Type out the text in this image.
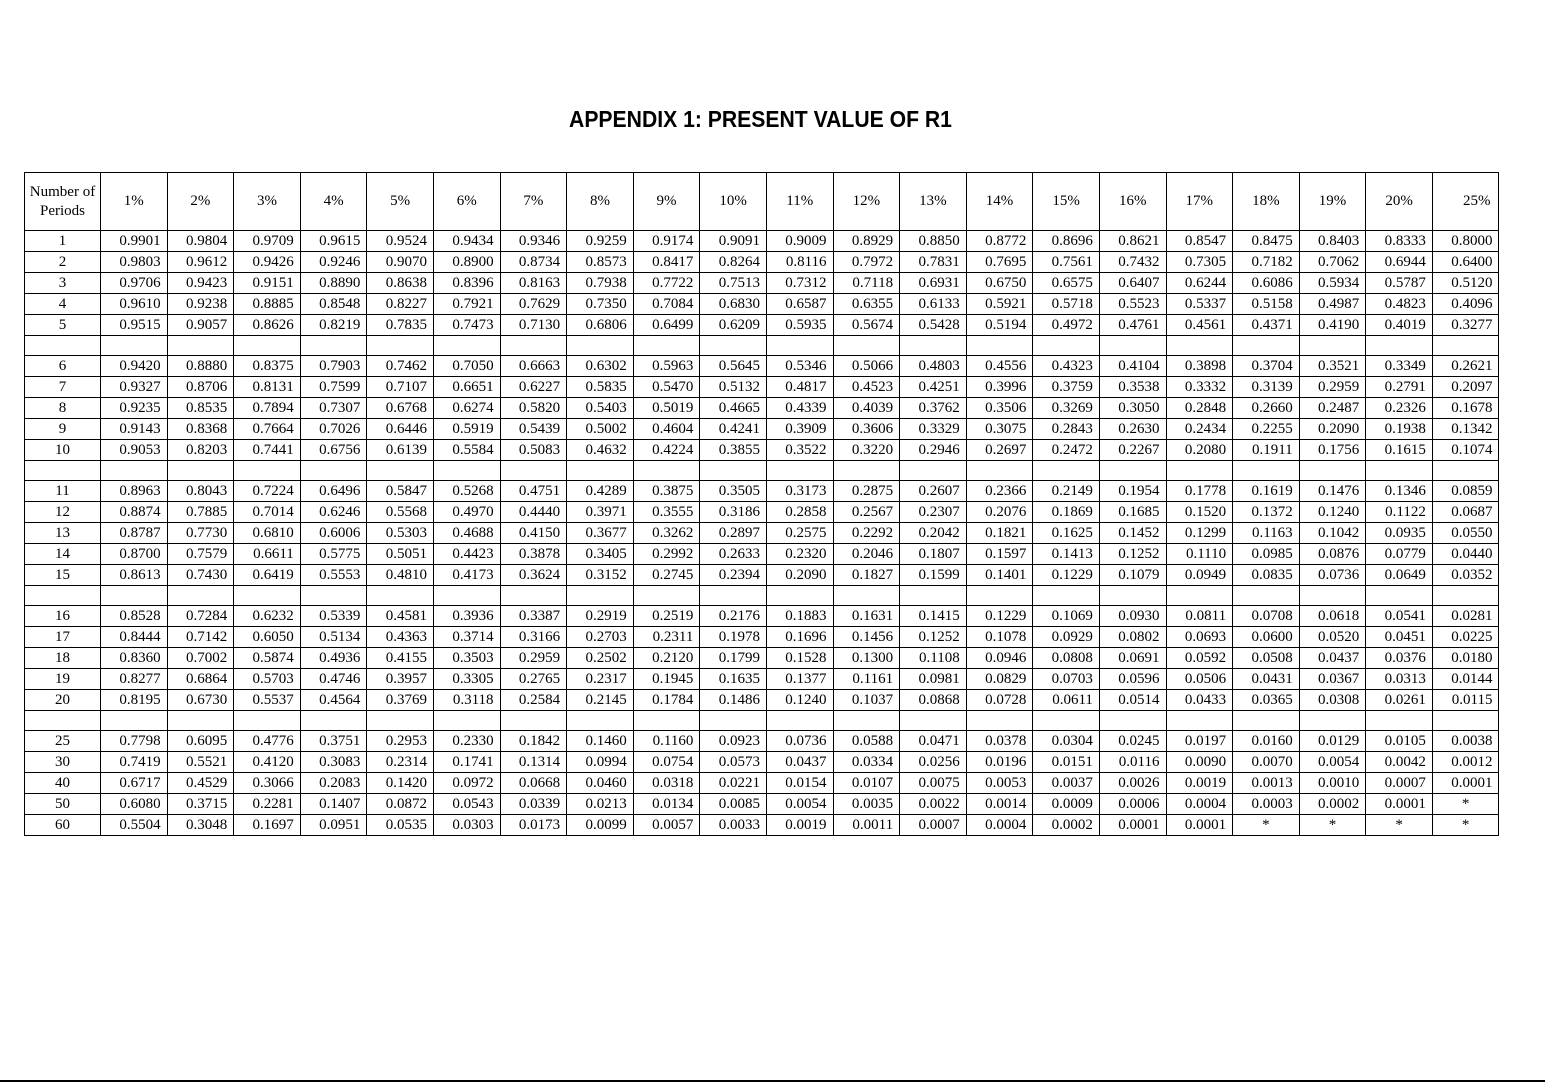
APPENDIX 1: PRESENT VALUE OF R1
Number of Periods	1%	2%	3%	4%	5%	6%	7%	8%	9%	10%	11%	12%	13%	14%	15%	16%	17%	18%	19%	20%	25%
1	0.9901	0.9804	0.9709	0.9615	0.9524	0.9434	0.9346	0.9259	0.9174	0.9091	0.9009	0.8929	0.8850	0.8772	0.8696	0.8621	0.8547	0.8475	0.8403	0.8333	0.8000
2	0.9803	0.9612	0.9426	0.9246	0.9070	0.8900	0.8734	0.8573	0.8417	0.8264	0.8116	0.7972	0.7831	0.7695	0.7561	0.7432	0.7305	0.7182	0.7062	0.6944	0.6400
3	0.9706	0.9423	0.9151	0.8890	0.8638	0.8396	0.8163	0.7938	0.7722	0.7513	0.7312	0.7118	0.6931	0.6750	0.6575	0.6407	0.6244	0.6086	0.5934	0.5787	0.5120
4	0.9610	0.9238	0.8885	0.8548	0.8227	0.7921	0.7629	0.7350	0.7084	0.6830	0.6587	0.6355	0.6133	0.5921	0.5718	0.5523	0.5337	0.5158	0.4987	0.4823	0.4096
5	0.9515	0.9057	0.8626	0.8219	0.7835	0.7473	0.7130	0.6806	0.6499	0.6209	0.5935	0.5674	0.5428	0.5194	0.4972	0.4761	0.4561	0.4371	0.4190	0.4019	0.3277

6	0.9420	0.8880	0.8375	0.7903	0.7462	0.7050	0.6663	0.6302	0.5963	0.5645	0.5346	0.5066	0.4803	0.4556	0.4323	0.4104	0.3898	0.3704	0.3521	0.3349	0.2621
7	0.9327	0.8706	0.8131	0.7599	0.7107	0.6651	0.6227	0.5835	0.5470	0.5132	0.4817	0.4523	0.4251	0.3996	0.3759	0.3538	0.3332	0.3139	0.2959	0.2791	0.2097
8	0.9235	0.8535	0.7894	0.7307	0.6768	0.6274	0.5820	0.5403	0.5019	0.4665	0.4339	0.4039	0.3762	0.3506	0.3269	0.3050	0.2848	0.2660	0.2487	0.2326	0.1678
9	0.9143	0.8368	0.7664	0.7026	0.6446	0.5919	0.5439	0.5002	0.4604	0.4241	0.3909	0.3606	0.3329	0.3075	0.2843	0.2630	0.2434	0.2255	0.2090	0.1938	0.1342
10	0.9053	0.8203	0.7441	0.6756	0.6139	0.5584	0.5083	0.4632	0.4224	0.3855	0.3522	0.3220	0.2946	0.2697	0.2472	0.2267	0.2080	0.1911	0.1756	0.1615	0.1074

11	0.8963	0.8043	0.7224	0.6496	0.5847	0.5268	0.4751	0.4289	0.3875	0.3505	0.3173	0.2875	0.2607	0.2366	0.2149	0.1954	0.1778	0.1619	0.1476	0.1346	0.0859
12	0.8874	0.7885	0.7014	0.6246	0.5568	0.4970	0.4440	0.3971	0.3555	0.3186	0.2858	0.2567	0.2307	0.2076	0.1869	0.1685	0.1520	0.1372	0.1240	0.1122	0.0687
13	0.8787	0.7730	0.6810	0.6006	0.5303	0.4688	0.4150	0.3677	0.3262	0.2897	0.2575	0.2292	0.2042	0.1821	0.1625	0.1452	0.1299	0.1163	0.1042	0.0935	0.0550
14	0.8700	0.7579	0.6611	0.5775	0.5051	0.4423	0.3878	0.3405	0.2992	0.2633	0.2320	0.2046	0.1807	0.1597	0.1413	0.1252	0.1110	0.0985	0.0876	0.0779	0.0440
15	0.8613	0.7430	0.6419	0.5553	0.4810	0.4173	0.3624	0.3152	0.2745	0.2394	0.2090	0.1827	0.1599	0.1401	0.1229	0.1079	0.0949	0.0835	0.0736	0.0649	0.0352

16	0.8528	0.7284	0.6232	0.5339	0.4581	0.3936	0.3387	0.2919	0.2519	0.2176	0.1883	0.1631	0.1415	0.1229	0.1069	0.0930	0.0811	0.0708	0.0618	0.0541	0.0281
17	0.8444	0.7142	0.6050	0.5134	0.4363	0.3714	0.3166	0.2703	0.2311	0.1978	0.1696	0.1456	0.1252	0.1078	0.0929	0.0802	0.0693	0.0600	0.0520	0.0451	0.0225
18	0.8360	0.7002	0.5874	0.4936	0.4155	0.3503	0.2959	0.2502	0.2120	0.1799	0.1528	0.1300	0.1108	0.0946	0.0808	0.0691	0.0592	0.0508	0.0437	0.0376	0.0180
19	0.8277	0.6864	0.5703	0.4746	0.3957	0.3305	0.2765	0.2317	0.1945	0.1635	0.1377	0.1161	0.0981	0.0829	0.0703	0.0596	0.0506	0.0431	0.0367	0.0313	0.0144
20	0.8195	0.6730	0.5537	0.4564	0.3769	0.3118	0.2584	0.2145	0.1784	0.1486	0.1240	0.1037	0.0868	0.0728	0.0611	0.0514	0.0433	0.0365	0.0308	0.0261	0.0115

25	0.7798	0.6095	0.4776	0.3751	0.2953	0.2330	0.1842	0.1460	0.1160	0.0923	0.0736	0.0588	0.0471	0.0378	0.0304	0.0245	0.0197	0.0160	0.0129	0.0105	0.0038
30	0.7419	0.5521	0.4120	0.3083	0.2314	0.1741	0.1314	0.0994	0.0754	0.0573	0.0437	0.0334	0.0256	0.0196	0.0151	0.0116	0.0090	0.0070	0.0054	0.0042	0.0012
40	0.6717	0.4529	0.3066	0.2083	0.1420	0.0972	0.0668	0.0460	0.0318	0.0221	0.0154	0.0107	0.0075	0.0053	0.0037	0.0026	0.0019	0.0013	0.0010	0.0007	0.0001
50	0.6080	0.3715	0.2281	0.1407	0.0872	0.0543	0.0339	0.0213	0.0134	0.0085	0.0054	0.0035	0.0022	0.0014	0.0009	0.0006	0.0004	0.0003	0.0002	0.0001	*
60	0.5504	0.3048	0.1697	0.0951	0.0535	0.0303	0.0173	0.0099	0.0057	0.0033	0.0019	0.0011	0.0007	0.0004	0.0002	0.0001	0.0001	*	*	*	*
